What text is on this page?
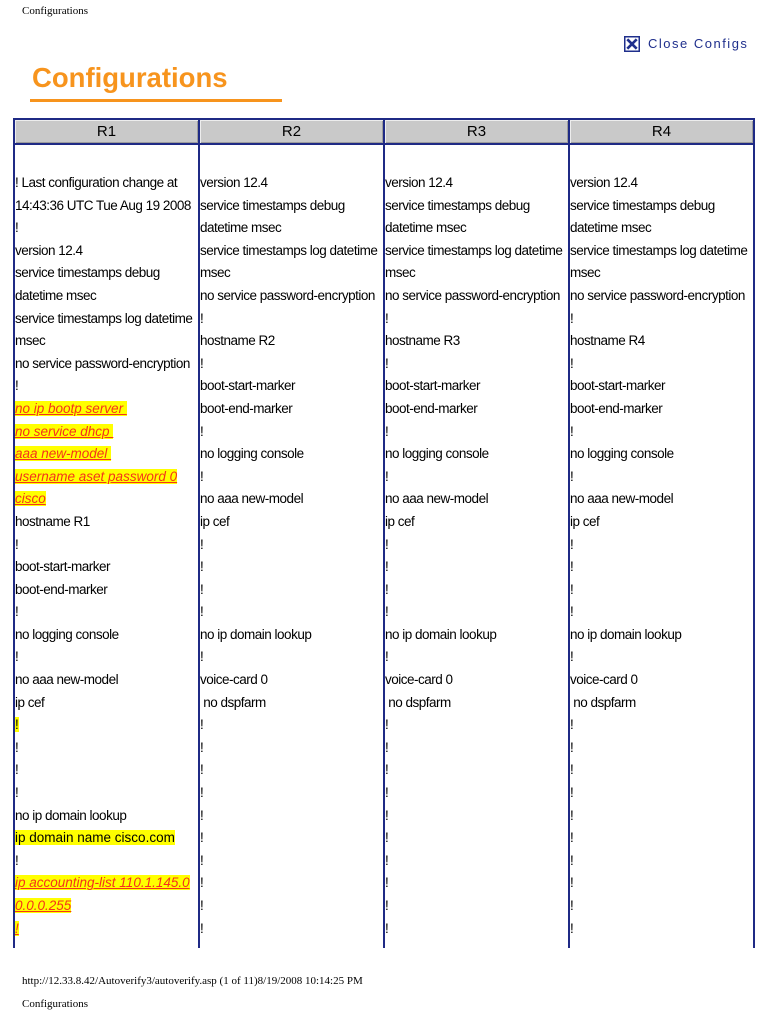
Configurations
Close Configs
Configurations
R1
! Last configuration change at
14:43:36 UTC Tue Aug 19 2008
!
version 12.4
service timestamps debug
datetime msec
service timestamps log datetime
msec
no service password-encryption
!
no ip bootp server
no service dhcp
aaa new-model
username aset password 0
cisco
hostname R1
!
boot-start-marker
boot-end-marker
!
no logging console
!
no aaa new-model
ip cef
!
!
!
!
no ip domain lookup
ip domain name cisco.com
!
ip accounting-list 110.1.145.0
0.0.0.255
!
R2
version 12.4
service timestamps debug
datetime msec
service timestamps log datetime
msec
no service password-encryption
!
hostname R2
!
boot-start-marker
boot-end-marker
!
no logging console
!
no aaa new-model
ip cef
!
!
!
!
no ip domain lookup
!
voice-card 0
no dspfarm
!
!
!
!
!
!
!
!
!
!
R3
version 12.4
service timestamps debug
datetime msec
service timestamps log datetime
msec
no service password-encryption
!
hostname R3
!
boot-start-marker
boot-end-marker
!
no logging console
!
no aaa new-model
ip cef
!
!
!
!
no ip domain lookup
!
voice-card 0
no dspfarm
!
!
!
!
!
!
!
!
!
!
R4
version 12.4
service timestamps debug
datetime msec
service timestamps log datetime
msec
no service password-encryption
!
hostname R4
!
boot-start-marker
boot-end-marker
!
no logging console
!
no aaa new-model
ip cef
!
!
!
!
no ip domain lookup
!
voice-card 0
no dspfarm
!
!
!
!
!
!
!
!
!
!
http://12.33.8.42/Autoverify3/autoverify.asp (1 of 11)8/19/2008 10:14:25 PM
Configurations
